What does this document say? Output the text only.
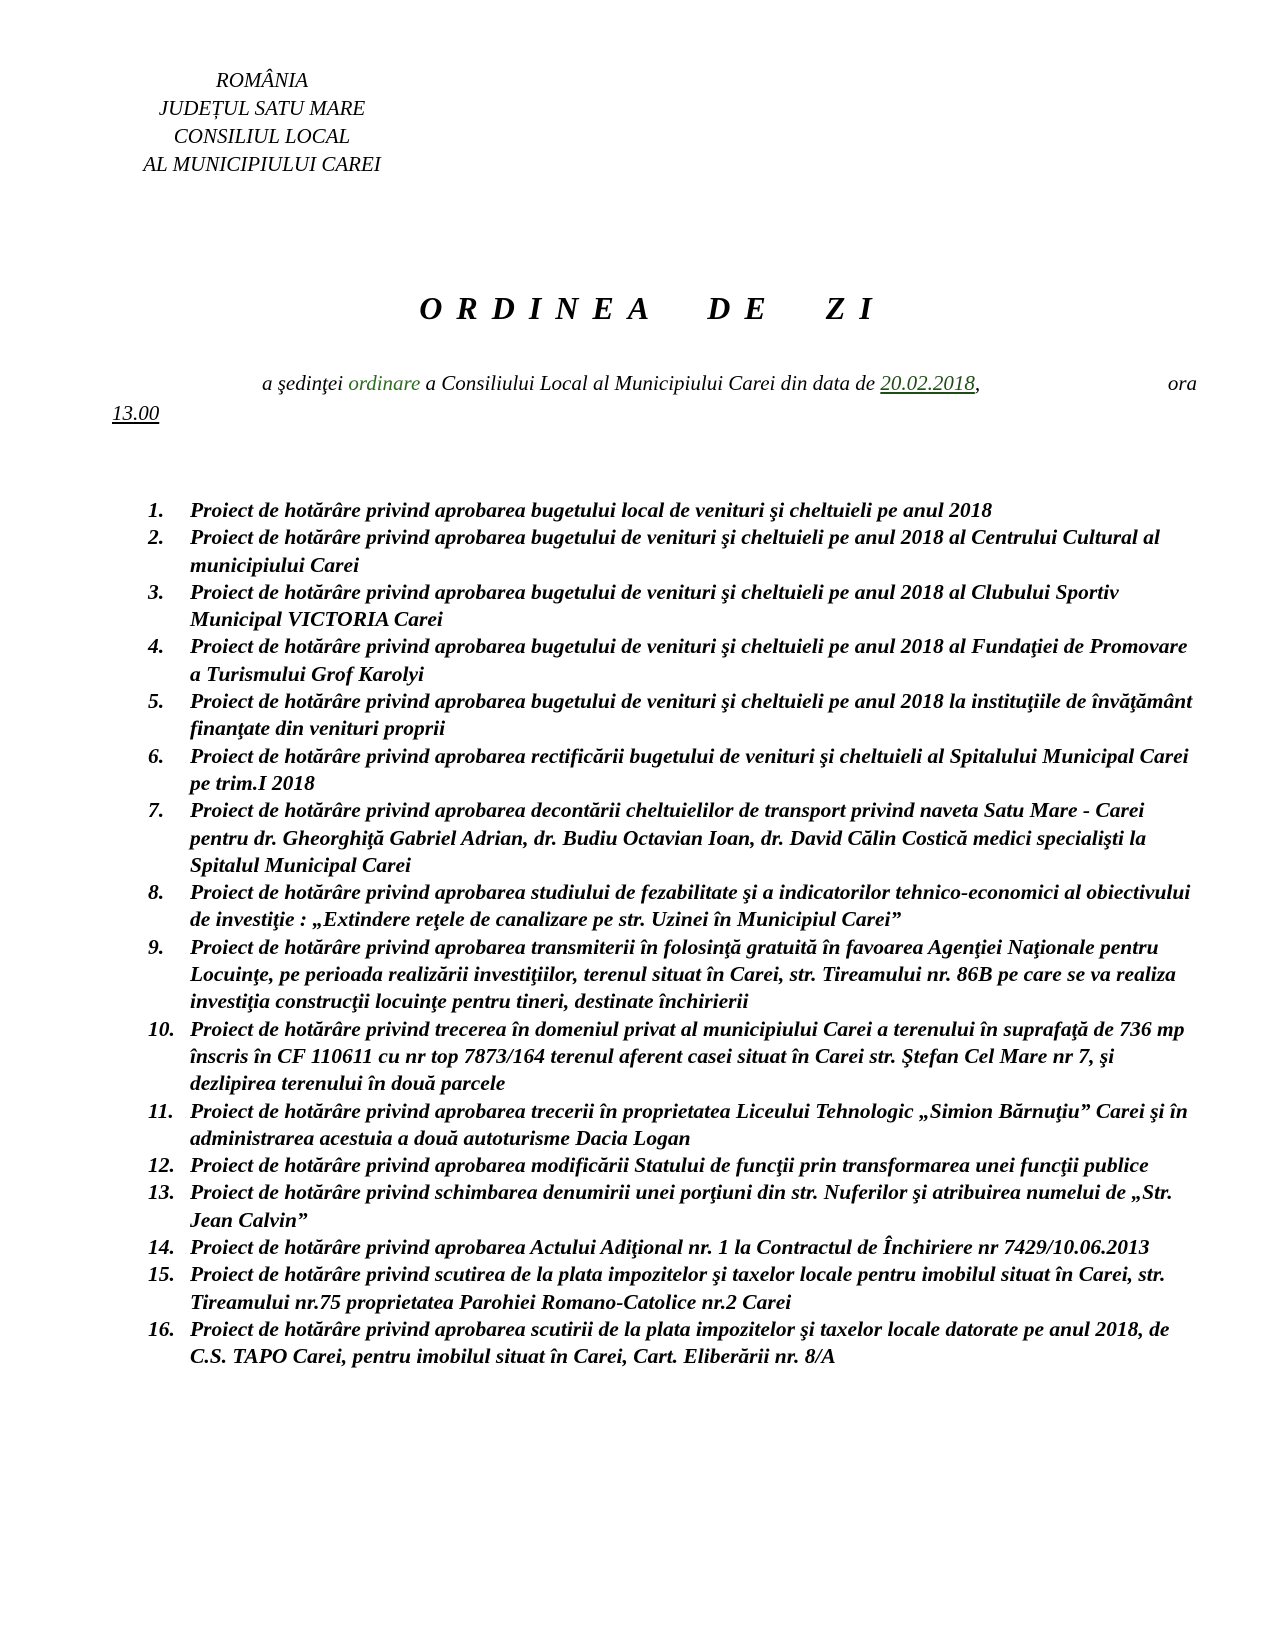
ROMÂNIA
JUDEȚUL SATU MARE
CONSILIUL LOCAL
AL MUNICIPIULUI CAREI
ORDINEA DE ZI
a şedinţei ordinare a Consiliului Local al Municipiului Carei din data de 20.02.2018,	ora
13.00
1. Proiect de hotărâre privind aprobarea bugetului local de venituri şi cheltuieli pe anul 2018
2. Proiect de hotărâre privind aprobarea bugetului de venituri şi cheltuieli pe anul 2018 al Centrului Cultural al municipiului Carei
3. Proiect de hotărâre privind aprobarea bugetului de venituri şi cheltuieli pe anul 2018 al Clubului Sportiv Municipal VICTORIA Carei
4. Proiect de hotărâre privind aprobarea bugetului de venituri şi cheltuieli pe anul 2018 al Fundaţiei de Promovare a Turismului Grof Karolyi
5. Proiect de hotărâre privind aprobarea bugetului de venituri şi cheltuieli pe anul 2018 la instituţiile de învăţământ finanţate din venituri proprii
6. Proiect de hotărâre privind aprobarea rectificării bugetului de venituri şi cheltuieli al Spitalului Municipal Carei pe trim.I 2018
7. Proiect de hotărâre privind aprobarea decontării cheltuielilor de transport privind naveta Satu Mare - Carei pentru dr. Gheorghiţă Gabriel Adrian, dr. Budiu Octavian Ioan, dr. David Călin Costică medici specialişti la Spitalul Municipal Carei
8. Proiect de hotărâre privind aprobarea studiului de fezabilitate şi a indicatorilor tehnico-economici al obiectivului de investiţie : „Extindere reţele de canalizare pe str. Uzinei în Municipiul Carei”
9. Proiect de hotărâre privind aprobarea transmiterii în folosinţă gratuită în favoarea Agenţiei Naţionale pentru Locuinţe, pe perioada realizării investiţiilor, terenul situat în Carei, str. Tireamului nr. 86B pe care se va realiza investiţia construcţii locuinţe pentru tineri, destinate închirierii
10. Proiect de hotărâre privind trecerea în domeniul privat al municipiului Carei a terenului în suprafaţă de 736 mp înscris în CF 110611 cu nr top 7873/164 terenul aferent casei situat în Carei str. Ştefan Cel Mare nr 7, şi dezlipirea terenului în două parcele
11. Proiect de hotărâre privind aprobarea trecerii în proprietatea Liceului Tehnologic „Simion Bărnuţiu” Carei şi în administrarea acestuia a două autoturisme Dacia Logan
12. Proiect de hotărâre privind aprobarea modificării Statului de funcţii prin transformarea unei funcţii publice
13. Proiect de hotărâre privind schimbarea denumirii unei porţiuni din str. Nuferilor şi atribuirea numelui de „Str. Jean Calvin”
14. Proiect de hotărâre privind aprobarea Actului Adiţional nr. 1 la Contractul de Închiriere nr 7429/10.06.2013
15. Proiect de hotărâre privind scutirea de la plata impozitelor şi taxelor locale pentru imobilul situat în Carei, str. Tireamului nr.75 proprietatea Parohiei Romano-Catolice nr.2 Carei
16. Proiect de hotărâre privind aprobarea scutirii de la plata impozitelor şi taxelor locale datorate pe anul 2018, de C.S. TAPO Carei, pentru imobilul situat în Carei, Cart. Eliberării nr. 8/A
